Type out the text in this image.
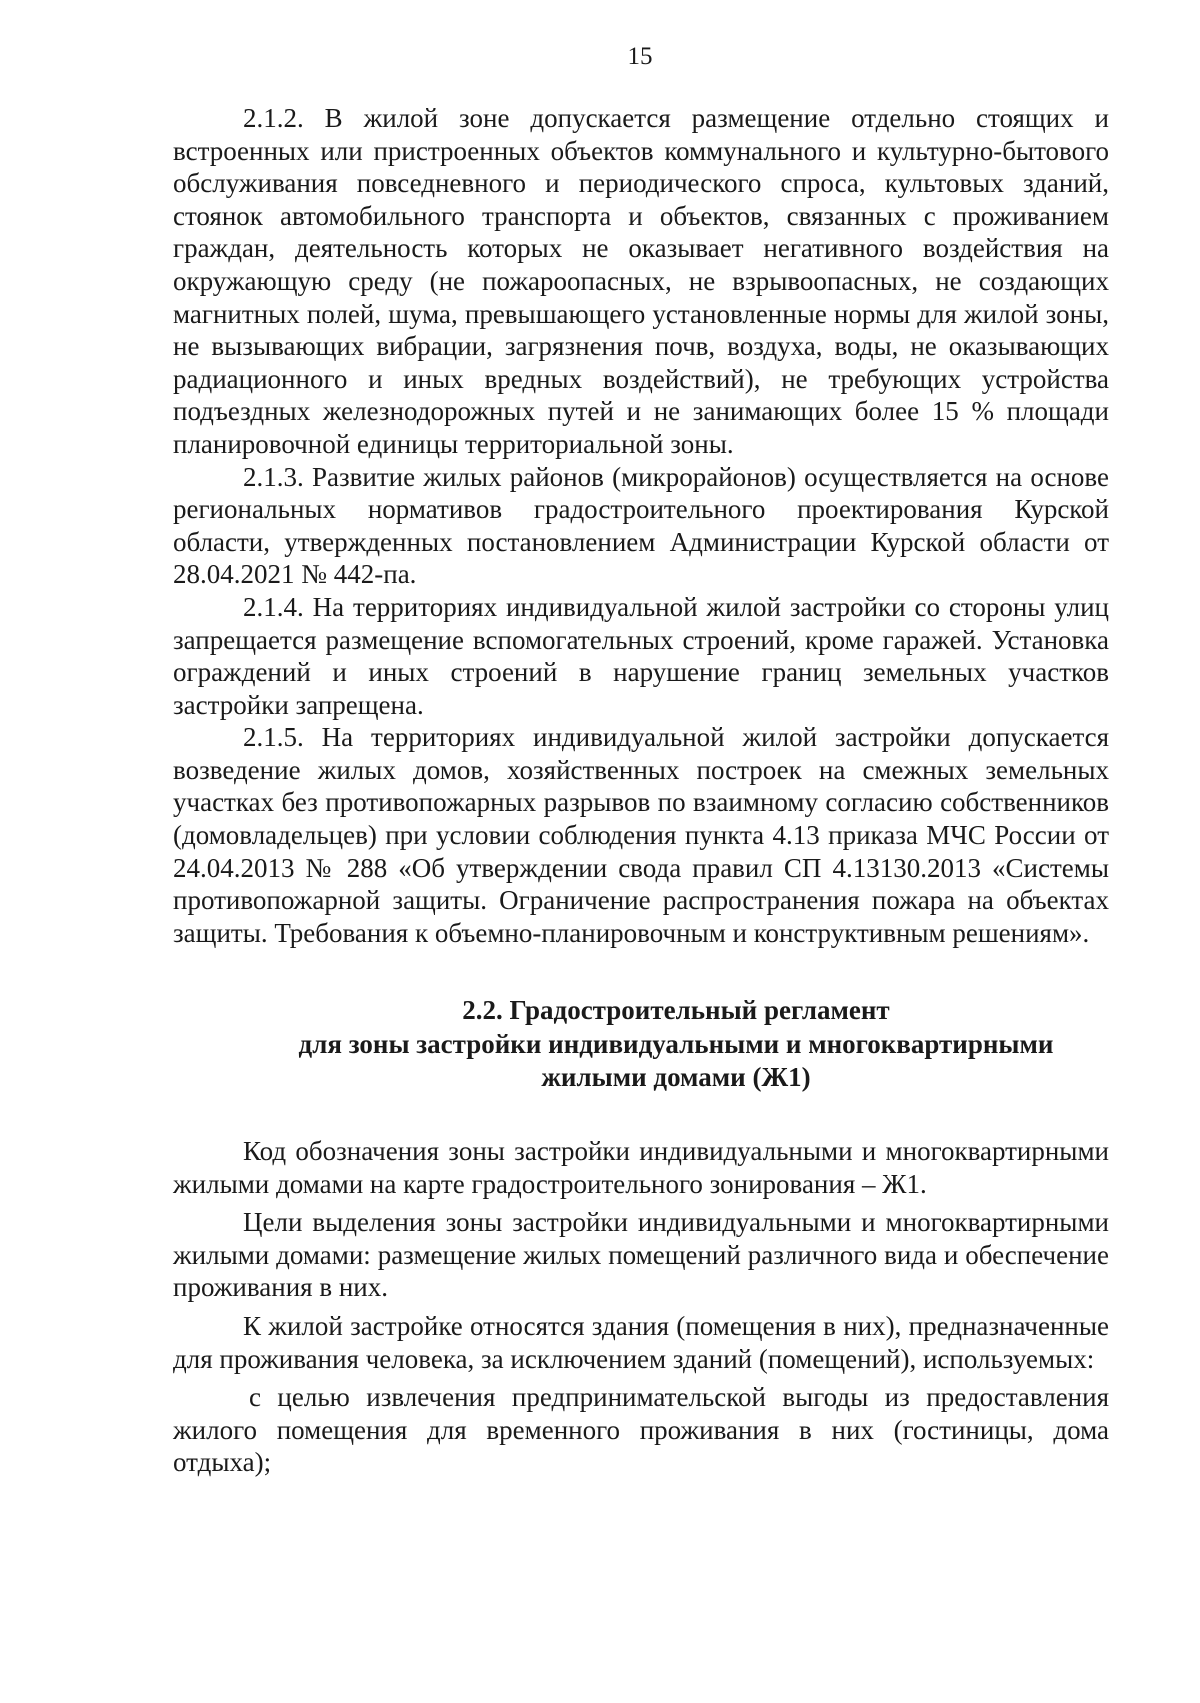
15

2.1.2. В жилой зоне допускается размещение отдельно стоящих и встроенных или пристроенных объектов коммунального и культурно-бытового обслуживания повседневного и периодического спроса, культовых зданий, стоянок автомобильного транспорта и объектов, связанных с проживанием граждан, деятельность которых не оказывает негативного воздействия на окружающую среду (не пожароопасных, не взрывоопасных, не создающих магнитных полей, шума, превышающего установленные нормы для жилой зоны, не вызывающих вибрации, загрязнения почв, воздуха, воды, не оказывающих радиационного и иных вредных воздействий), не требующих устройства подъездных железнодорожных путей и не занимающих более 15 % площади планировочной единицы территориальной зоны.

2.1.3. Развитие жилых районов (микрорайонов) осуществляется на основе региональных нормативов градостроительного проектирования Курской области, утвержденных постановлением Администрации Курской области от 28.04.2021 № 442-па.

2.1.4. На территориях индивидуальной жилой застройки со стороны улиц запрещается размещение вспомогательных строений, кроме гаражей. Установка ограждений и иных строений в нарушение границ земельных участков застройки запрещена.

2.1.5. На территориях индивидуальной жилой застройки допускается возведение жилых домов, хозяйственных построек на смежных земельных участках без противопожарных разрывов по взаимному согласию собственников (домовладельцев) при условии соблюдения пункта 4.13 приказа МЧС России от 24.04.2013 № 288 «Об утверждении свода правил СП 4.13130.2013 «Системы противопожарной защиты. Ограничение распространения пожара на объектах защиты. Требования к объемно-планировочным и конструктивным решениям».

2.2. Градостроительный регламент
для зоны застройки индивидуальными и многоквартирными
жилыми домами (Ж1)

Код обозначения зоны застройки индивидуальными и многоквартирными жилыми домами на карте градостроительного зонирования – Ж1.

Цели выделения зоны застройки индивидуальными и многоквартирными жилыми домами: размещение жилых помещений различного вида и обеспечение проживания в них.

К жилой застройке относятся здания (помещения в них), предназначенные для проживания человека, за исключением зданий (помещений), используемых:

с целью извлечения предпринимательской выгоды из предоставления жилого помещения для временного проживания в них (гостиницы, дома отдыха);
